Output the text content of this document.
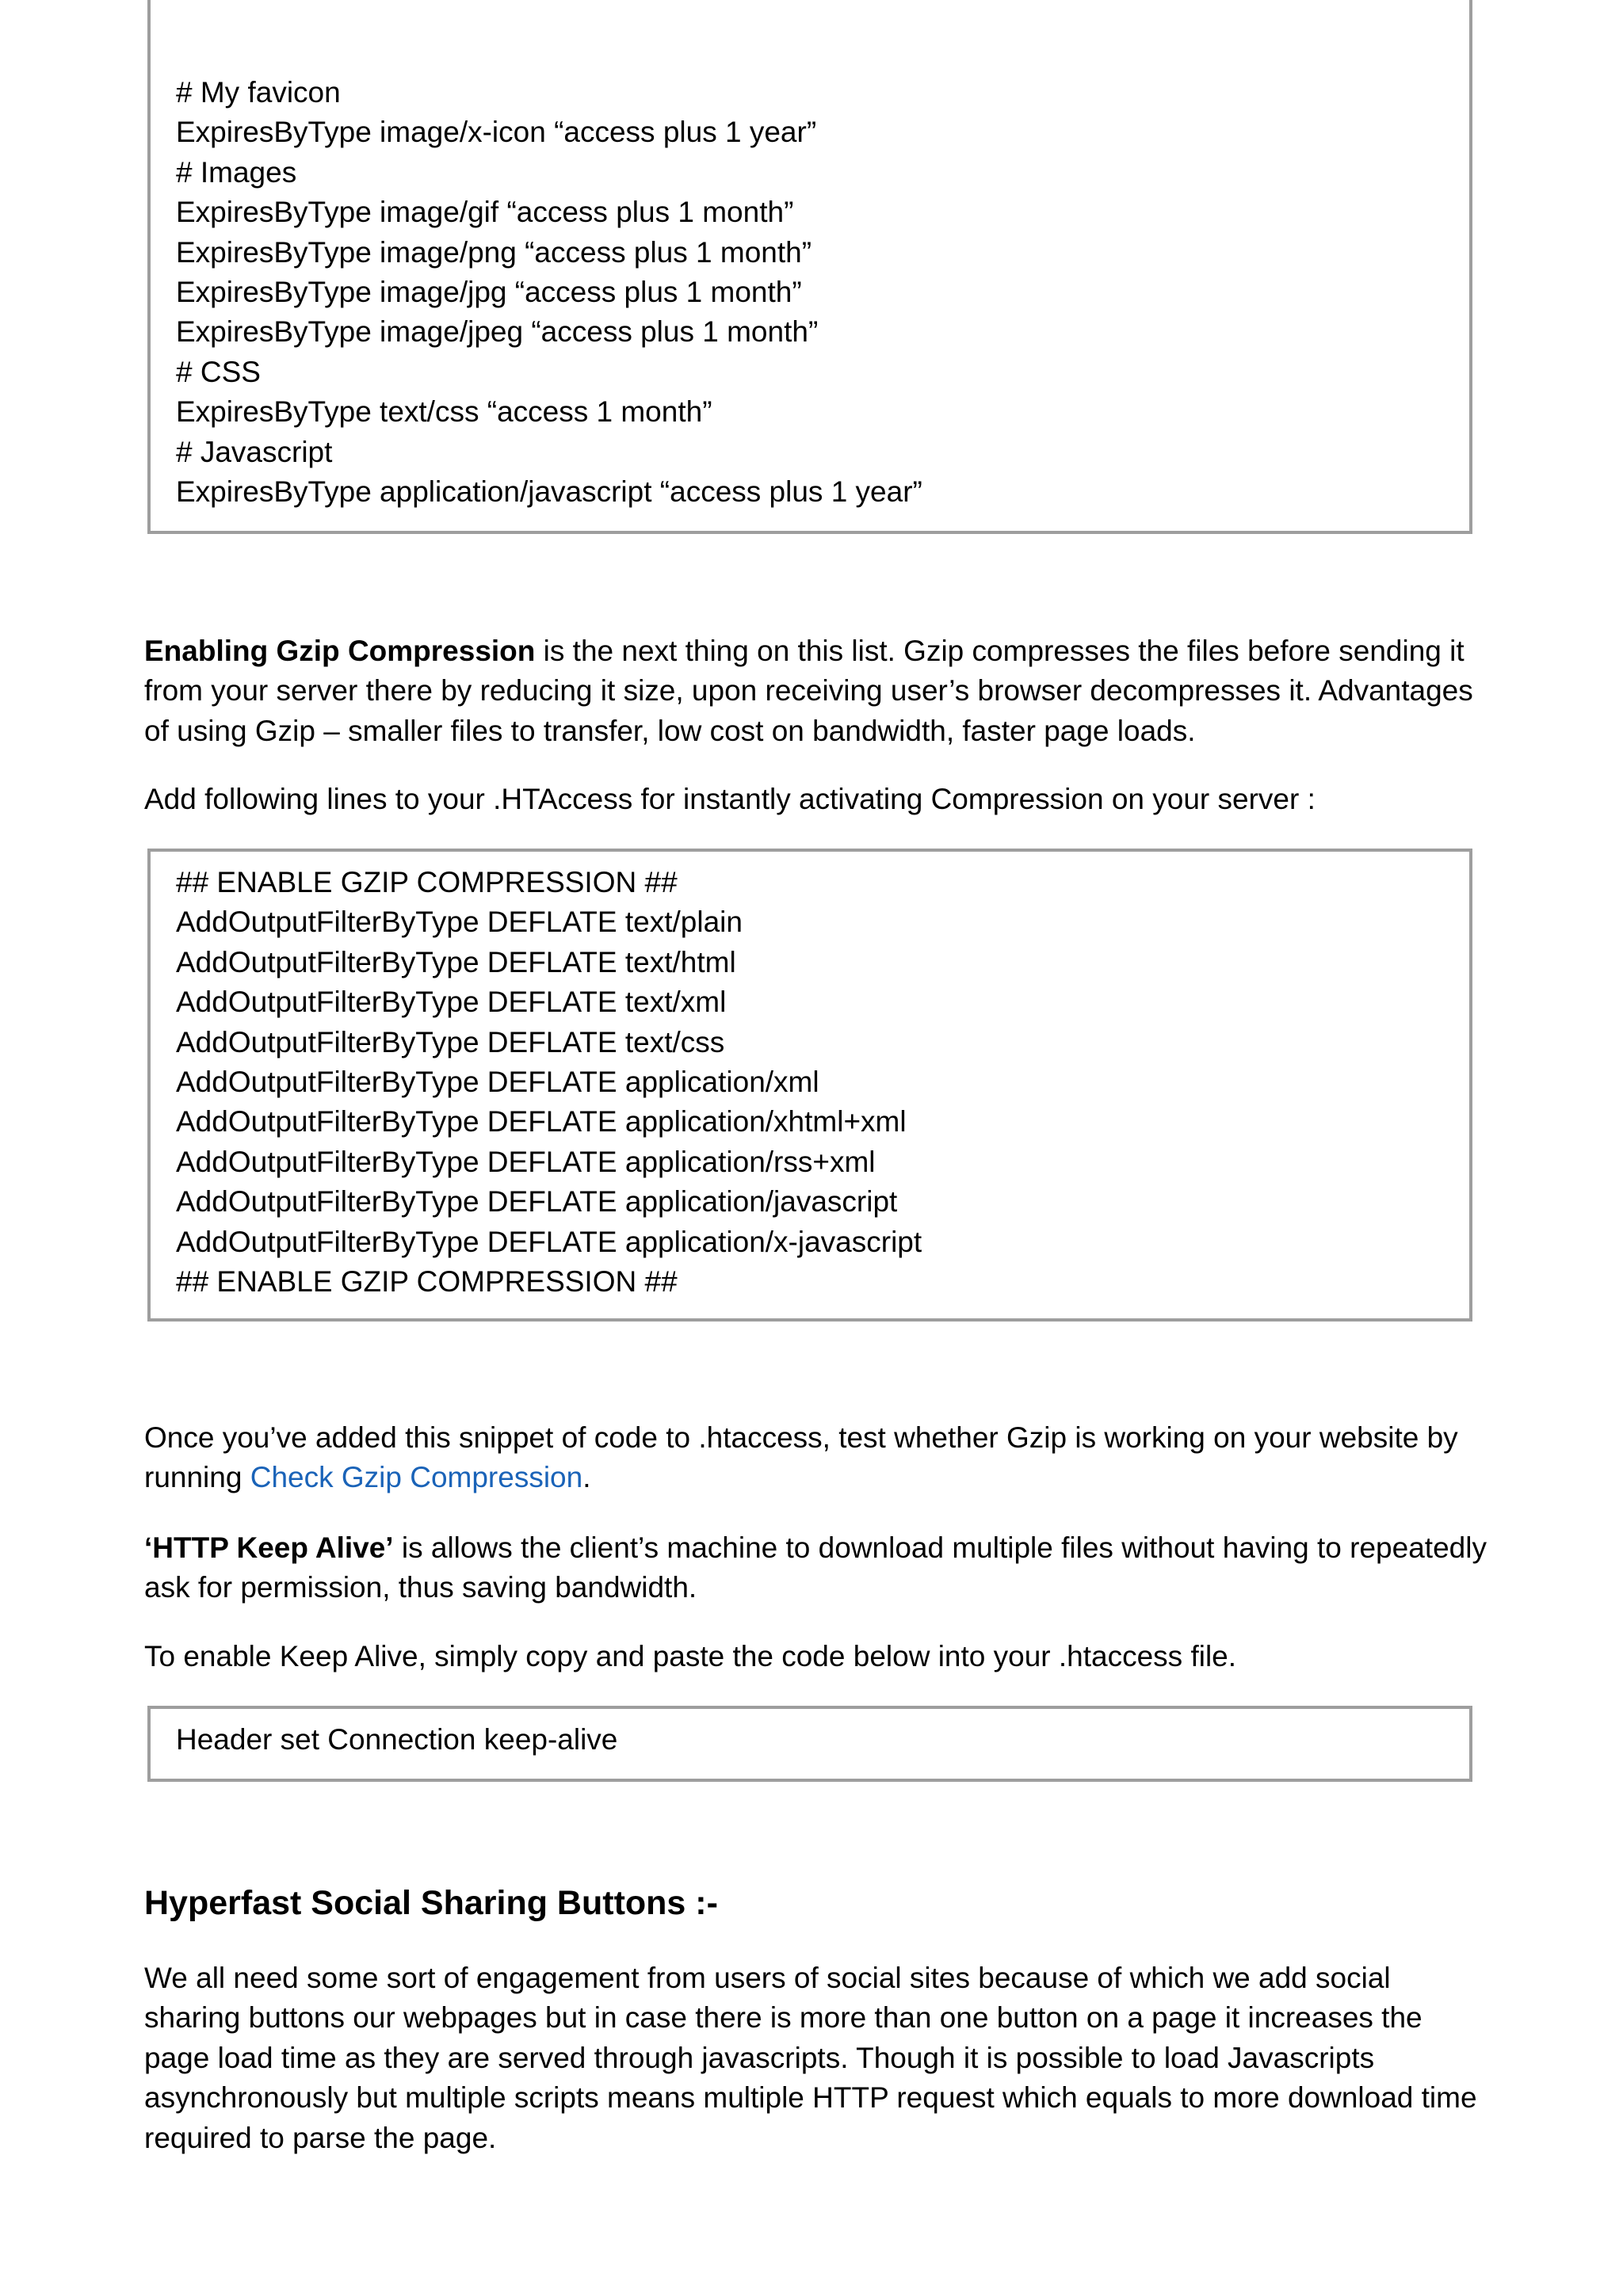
# My favicon
ExpiresByType image/x-icon “access plus 1 year”
# Images
ExpiresByType image/gif “access plus 1 month”
ExpiresByType image/png “access plus 1 month”
ExpiresByType image/jpg “access plus 1 month”
ExpiresByType image/jpeg “access plus 1 month”
# CSS
ExpiresByType text/css “access 1 month”
# Javascript
ExpiresByType application/javascript “access plus 1 year”

Enabling Gzip Compression is the next thing on this list. Gzip compresses the files before sending it from your server there by reducing it size, upon receiving user’s browser decompresses it. Advantages of using Gzip – smaller files to transfer, low cost on bandwidth, faster page loads.

Add following lines to your .HTAccess for instantly activating Compression on your server :

## ENABLE GZIP COMPRESSION ##
AddOutputFilterByType DEFLATE text/plain
AddOutputFilterByType DEFLATE text/html
AddOutputFilterByType DEFLATE text/xml
AddOutputFilterByType DEFLATE text/css
AddOutputFilterByType DEFLATE application/xml
AddOutputFilterByType DEFLATE application/xhtml+xml
AddOutputFilterByType DEFLATE application/rss+xml
AddOutputFilterByType DEFLATE application/javascript
AddOutputFilterByType DEFLATE application/x-javascript
## ENABLE GZIP COMPRESSION ##

Once you’ve added this snippet of code to .htaccess, test whether Gzip is working on your website by running Check Gzip Compression.

‘HTTP Keep Alive’ is allows the client’s machine to download multiple files without having to repeatedly ask for permission, thus saving bandwidth.

To enable Keep Alive, simply copy and paste the code below into your .htaccess file.

Header set Connection keep-alive
Hyperfast Social Sharing Buttons :-

We all need some sort of engagement from users of social sites because of which we add social sharing buttons our webpages but in case there is more than one button on a page it increases the page load time as they are served through javascripts. Though it is possible to load Javascripts asynchronously but multiple scripts means multiple HTTP request which equals to more download time required to parse the page.
